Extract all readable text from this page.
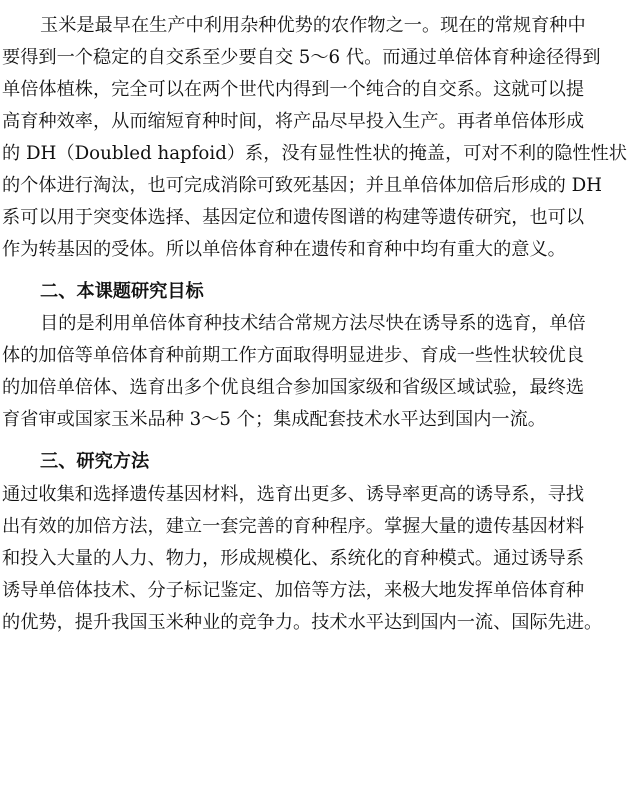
玉米是最早在生产中利用杂种优势的农作物之一。现在的常规育种中
要得到一个稳定的自交系至少要自交 5～6 代。而通过单倍体育种途径得到
单倍体植株，完全可以在两个世代内得到一个纯合的自交系。这就可以提
高育种效率，从而缩短育种时间，将产品尽早投入生产。再者单倍体形成
的 DH（Doubled hapfoid）系，没有显性性状的掩盖，可对不利的隐性性状
的个体进行淘汰，也可完成消除可致死基因；并且单倍体加倍后形成的 DH
系可以用于突变体选择、基因定位和遗传图谱的构建等遗传研究，也可以
作为转基因的受体。所以单倍体育种在遗传和育种中均有重大的意义。
二、本课题研究目标
目的是利用单倍体育种技术结合常规方法尽快在诱导系的选育，单倍
体的加倍等单倍体育种前期工作方面取得明显进步、育成一些性状较优良
的加倍单倍体、选育出多个优良组合参加国家级和省级区域试验，最终选
育省审或国家玉米品种 3～5 个；集成配套技术水平达到国内一流。
三、研究方法
通过收集和选择遗传基因材料，选育出更多、诱导率更高的诱导系，寻找
出有效的加倍方法，建立一套完善的育种程序。掌握大量的遗传基因材料
和投入大量的人力、物力，形成规模化、系统化的育种模式。通过诱导系
诱导单倍体技术、分子标记鉴定、加倍等方法，来极大地发挥单倍体育种
的优势，提升我国玉米种业的竞争力。技术水平达到国内一流、国际先进。
